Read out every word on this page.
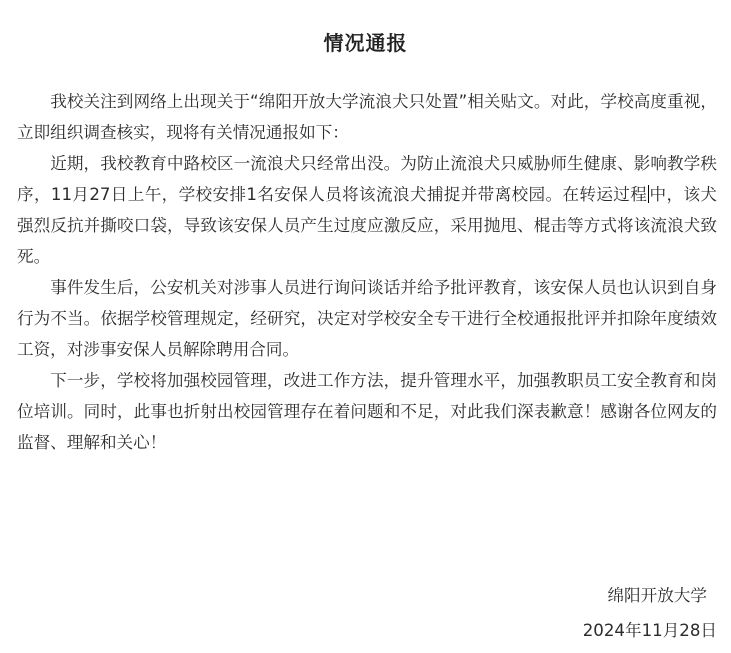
情况通报

我校关注到网络上出现关于“绵阳开放大学流浪犬只处置”相关贴文。对此，学校高度重视，立即组织调查核实，现将有关情况通报如下：

近期，我校教育中路校区一流浪犬只经常出没。为防止流浪犬只威胁师生健康、影响教学秩序，11月27日上午，学校安排1名安保人员将该流浪犬捕捉并带离校园。在转运过程 中，该犬强烈反抗并撕咬口袋，导致该安保人员产生过度应激反应，采用抛甩、棍击等方式将该流浪犬致死。

事件发生后，公安机关对涉事人员进行询问谈话并给予批评教育，该安保人员也认识到自身行为不当。依据学校管理规定，经研究，决定对学校安全专干进行全校通报批评并扣除年度绩效工资，对涉事安保人员解除聘用合同。

下一步，学校将加强校园管理，改进工作方法，提升管理水平，加强教职员工安全教育和岗位培训。同时，此事也折射出校园管理存在着问题和不足，对此我们深表歉意！感谢各位网友的监督、理解和关心！

绵阳开放大学
2024年11月28日
